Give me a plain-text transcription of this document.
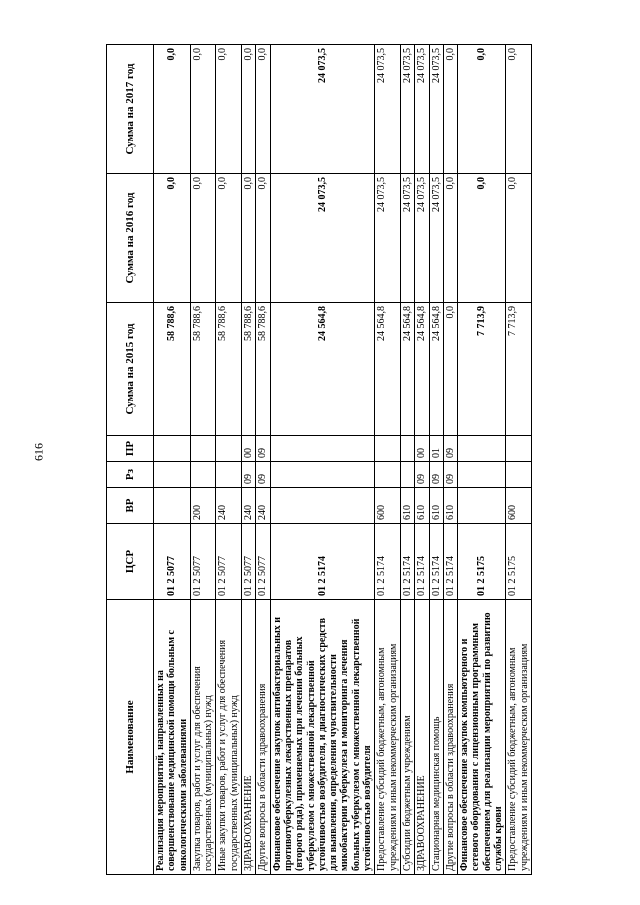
616
Наименование	ЦСР	ВР	Рз	ПР	Сумма на 2015 год	Сумма на 2016 год	Сумма на 2017 год
Реализация мероприятий, направленных на совершенствование медицинской помощи больным с онкологическими заболеваниями	01 2 5077				58 788,6	0,0	0,0
Закупка товаров, работ и услуг для обеспечения государственных (муниципальных) нужд	01 2 5077	200			58 788,6	0,0	0,0
Иные закупки товаров, работ и услуг для обеспечения государственных (муниципальных) нужд	01 2 5077	240			58 788,6	0,0	0,0
ЗДРАВООХРАНЕНИЕ	01 2 5077	240	09	00	58 788,6	0,0	0,0
Другие вопросы в области здравоохранения	01 2 5077	240	09	09	58 788,6	0,0	0,0
Финансовое обеспечение закупок антибактериальных и противотуберкулезных лекарственных препаратов (второго ряда), применяемых при лечении больных туберкулезом с множественной лекарственной устойчивостью возбудителя, и диагностических средств для выявления, определения чувствительности микобактерии туберкулеза и мониторинга лечения больных туберкулезом с множественной лекарственной устойчивостью возбудителя	01 2 5174				24 564,8	24 073,5	24 073,5
Предоставление субсидий бюджетным, автономным учреждениям и иным некоммерческим организациям	01 2 5174	600			24 564,8	24 073,5	24 073,5
Субсидии бюджетным учреждениям	01 2 5174	610			24 564,8	24 073,5	24 073,5
ЗДРАВООХРАНЕНИЕ	01 2 5174	610	09	00	24 564,8	24 073,5	24 073,5
Стационарная медицинская помощь	01 2 5174	610	09	01	24 564,8	24 073,5	24 073,5
Другие вопросы в области здравоохранения	01 2 5174	610	09	09	0,0	0,0	0,0
Финансовое обеспечение закупок компьютерного и сетевого оборудования с лицензионным программным обеспечением для реализации мероприятий по развитию службы крови	01 2 5175				7 713,9	0,0	0,0
Предоставление субсидий бюджетным, автономным учреждениям и иным некоммерческим организациям	01 2 5175	600			7 713,9	0,0	0,0
